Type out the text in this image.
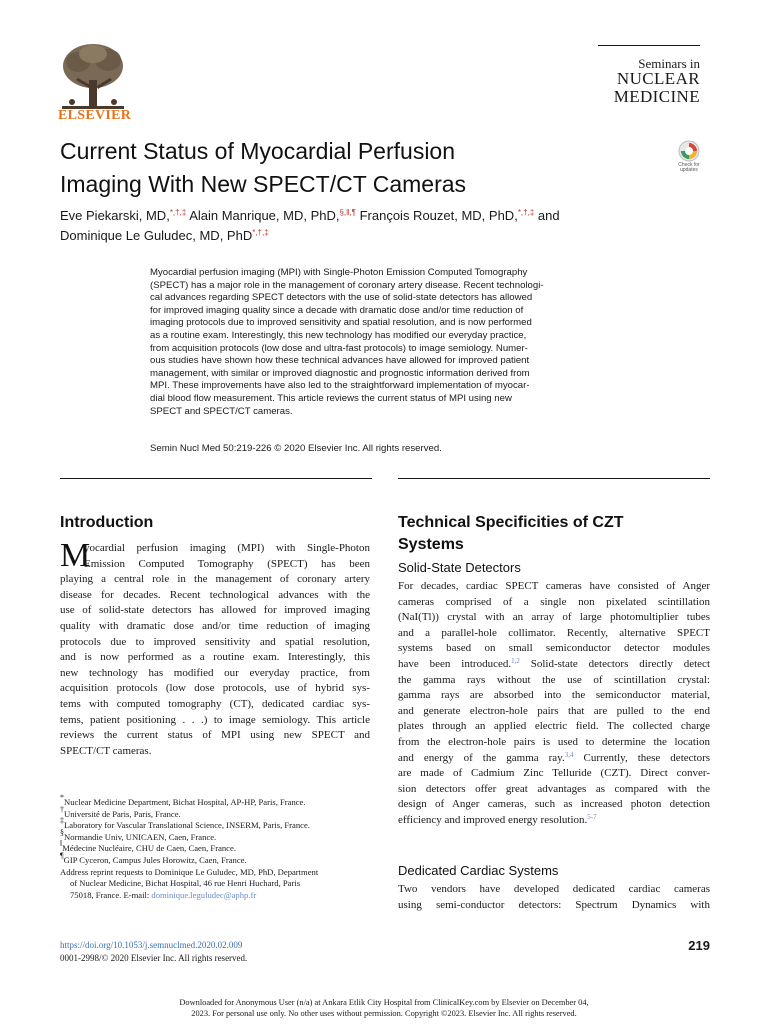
ELSEVIER
Seminars in
NUCLEAR
MEDICINE
Current Status of Myocardial Perfusion
Imaging With New SPECT/CT Cameras
Check for updates
Eve Piekarski, MD,*,†,‡ Alain Manrique, MD, PhD,§,‖,¶ François Rouzet, MD, PhD,*,†,‡ and
Dominique Le Guludec, MD, PhD*,†,‡
Myocardial perfusion imaging (MPI) with Single-Photon Emission Computed Tomography
(SPECT) has a major role in the management of coronary artery disease. Recent technologi-
cal advances regarding SPECT detectors with the use of solid-state detectors has allowed
for improved imaging quality since a decade with dramatic dose and/or time reduction of
imaging protocols due to improved sensitivity and spatial resolution, and is now performed
as a routine exam. Interestingly, this new technology has modified our everyday practice,
from acquisition protocols (low dose and ultra-fast protocols) to image semiology. Numer-
ous studies have shown how these technical advances have allowed for improved patient
management, with similar or improved diagnostic and prognostic information derived from
MPI. These improvements have also led to the straightforward implementation of myocar-
dial blood flow measurement. This article reviews the current status of MPI using new
SPECT and SPECT/CT cameras.
Semin Nucl Med 50:219-226 © 2020 Elsevier Inc. All rights reserved.
Introduction
M
yocardial perfusion imaging (MPI) with Single-Photon
Emission Computed Tomography (SPECT) has been
playing a central role in the management of coronary artery
disease for decades. Recent technological advances with the
use of solid-state detectors has allowed for improved imaging
quality with dramatic dose and/or time reduction of imaging
protocols due to improved sensitivity and spatial resolution,
and is now performed as a routine exam. Interestingly, this
new technology has modified our everyday practice, from
acquisition protocols (low dose protocols, use of hybrid sys-
tems with computed tomography (CT), dedicated cardiac sys-
tems, patient positioning . . .) to image semiology. This article
reviews the current status of MPI using new SPECT and
SPECT/CT cameras.
*Nuclear Medicine Department, Bichat Hospital, AP-HP, Paris, France.
†Université de Paris, Paris, France.
‡Laboratory for Vascular Translational Science, INSERM, Paris, France.
§Normandie Univ, UNICAEN, Caen, France.
‖Médecine Nucléaire, CHU de Caen, Caen, France.
¶GIP Cyceron, Campus Jules Horowitz, Caen, France.
Address reprint requests to Dominique Le Guludec, MD, PhD, Department
of Nuclear Medicine, Bichat Hospital, 46 rue Henri Huchard, Paris
75018, France. E-mail: dominique.leguludec@aphp.fr
Technical Specificities of CZT
Systems
Solid-State Detectors
For decades, cardiac SPECT cameras have consisted of Anger
cameras comprised of a single non pixelated scintillation
(NaI(Tl)) crystal with an array of large photomultiplier tubes
and a parallel-hole collimator. Recently, alternative SPECT
systems based on small semiconductor detector modules
have been introduced.$^{1,2}$ Solid-state detectors directly detect
the gamma rays without the use of scintillation crystal:
gamma rays are absorbed into the semiconductor material,
and generate electron-hole pairs that are pulled to the end
plates through an applied electric field. The collected charge
from the electron-hole pairs is used to determine the location
and energy of the gamma ray.$^{3,4}$ Currently, these detectors
are made of Cadmium Zinc Telluride (CZT). Direct conver-
sion detectors offer great advantages as compared with the
design of Anger cameras, such as increased photon detection
efficiency and improved energy resolution.$^{5-7}$
Dedicated Cardiac Systems
Two vendors have developed dedicated cardiac cameras
using semi-conductor detectors: Spectrum Dynamics with
https://doi.org/10.1053/j.semnuclmed.2020.02.009
0001-2998/© 2020 Elsevier Inc. All rights reserved.
219
Downloaded for Anonymous User (n/a) at Ankara Etlik City Hospital from ClinicalKey.com by Elsevier on December 04,
2023. For personal use only. No other uses without permission. Copyright ©2023. Elsevier Inc. All rights reserved.
